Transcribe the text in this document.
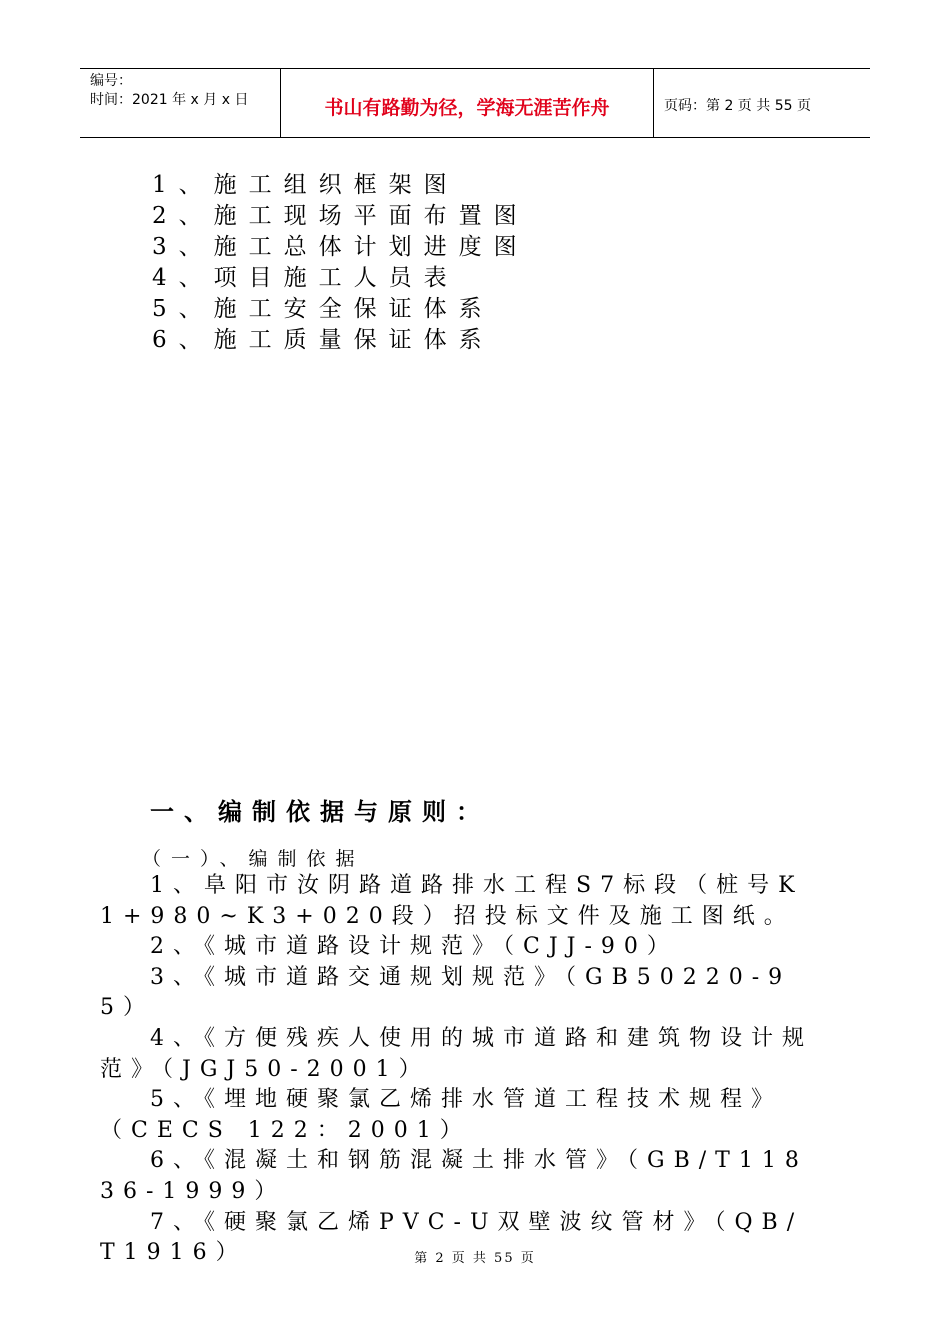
编号：
时间：2021 年 x 月 x 日	书山有路勤为径，学海无涯苦作舟	页码：第 2 页 共 55 页
1、施工组织框架图
2、施工现场平面布置图
3、施工总体计划进度图
4、项目施工人员表
5、施工安全保证体系
6、施工质量保证体系
一、编制依据与原则：
（一）、编制依据
1、阜阳市汝阴路道路排水工程S7标段（桩号K1+980~K3+020段）招投标文件及施工图纸。
2、《城市道路设计规范》（CJJ-90）
3、《城市道路交通规划规范》（GB50220-95）
4、《方便残疾人使用的城市道路和建筑物设计规范》（JGJ50-2001）
5、《埋地硬聚氯乙烯排水管道工程技术规程》（CECS 122：2001）
6、《混凝土和钢筋混凝土排水管》（GB/T11836-1999）
7、《硬聚氯乙烯PVC-U双壁波纹管材》（QB/T1916）	第 2 页 共 55 页
